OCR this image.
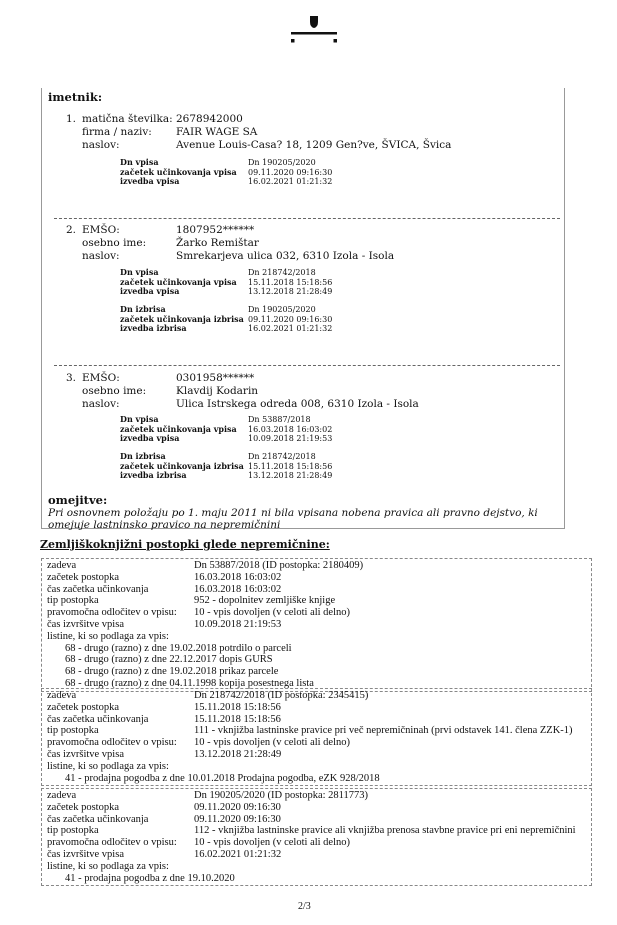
imetnik:
1. matična številka: 2678942000
firma / naziv:	FAIR WAGE SA
naslov:	Avenue Louis-Casa? 18, 1209 Gen?ve, ŠVICA, Švica
Dn vpisa	Dn 190205/2020
začetek učinkovanja vpisa 09.11.2020 09:16:30
izvedba vpisa	16.02.2021 01:21:32
2. EMŠO:	1807952******
osebno ime:	Žarko Remištar
naslov:	Smrekarjeva ulica 032, 6310 Izola - Isola
Dn vpisa	Dn 218742/2018
začetek učinkovanja vpisa 15.11.2018 15:18:56
izvedba vpisa	13.12.2018 21:28:49
Dn izbrisa	Dn 190205/2020
začetek učinkovanja izbrisa 09.11.2020 09:16:30
izvedba izbrisa	16.02.2021 01:21:32
3. EMŠO:	0301958******
osebno ime:	Klavdij Kodarin
naslov:	Ulica Istrskega odreda 008, 6310 Izola - Isola
Dn vpisa	Dn 53887/2018
začetek učinkovanja vpisa 16.03.2018 16:03:02
izvedba vpisa	10.09.2018 21:19:53
Dn izbrisa	Dn 218742/2018
začetek učinkovanja izbrisa 15.11.2018 15:18:56
izvedba izbrisa	13.12.2018 21:28:49
omejitve:
Pri osnovnem položaju po 1. maju 2011 ni bila vpisana nobena pravica ali pravno dejstvo, ki omejuje lastninsko pravico na nepremičnini
Zemljiškoknjižni postopki glede nepremičnine:
zadeva	Dn 53887/2018 (ID postopka: 2180409)
začetek postopka	16.03.2018 16:03:02
čas začetka učinkovanja	16.03.2018 16:03:02
tip postopka	952 - dopolnitev zemljiške knjige
pravomočna odločitev o vpisu: 10 - vpis dovoljen (v celoti ali delno)
čas izvršitve vpisa	10.09.2018 21:19:53
listine, ki so podlaga za vpis:
68 - drugo (razno) z dne 19.02.2018 potrdilo o parceli
68 - drugo (razno) z dne 22.12.2017 dopis GURS
68 - drugo (razno) z dne 19.02.2018 prikaz parcele
68 - drugo (razno) z dne 04.11.1998 kopija posestnega lista
zadeva	Dn 218742/2018 (ID postopka: 2345415)
začetek postopka	15.11.2018 15:18:56
čas začetka učinkovanja	15.11.2018 15:18:56
tip postopka	111 - vknjižba lastninske pravice pri več nepremičninah (prvi odstavek 141. člena ZZK-1)
pravomočna odločitev o vpisu: 10 - vpis dovoljen (v celoti ali delno)
čas izvršitve vpisa	13.12.2018 21:28:49
listine, ki so podlaga za vpis:
41 - prodajna pogodba z dne 10.01.2018 Prodajna pogodba, eZK 928/2018
zadeva	Dn 190205/2020 (ID postopka: 2811773)
začetek postopka	09.11.2020 09:16:30
čas začetka učinkovanja	09.11.2020 09:16:30
tip postopka	112 - vknjižba lastninske pravice ali vknjižba prenosa stavbne pravice pri eni nepremičnini
pravomočna odločitev o vpisu: 10 - vpis dovoljen (v celoti ali delno)
čas izvršitve vpisa	16.02.2021 01:21:32
listine, ki so podlaga za vpis:
41 - prodajna pogodba z dne 19.10.2020
2/3
